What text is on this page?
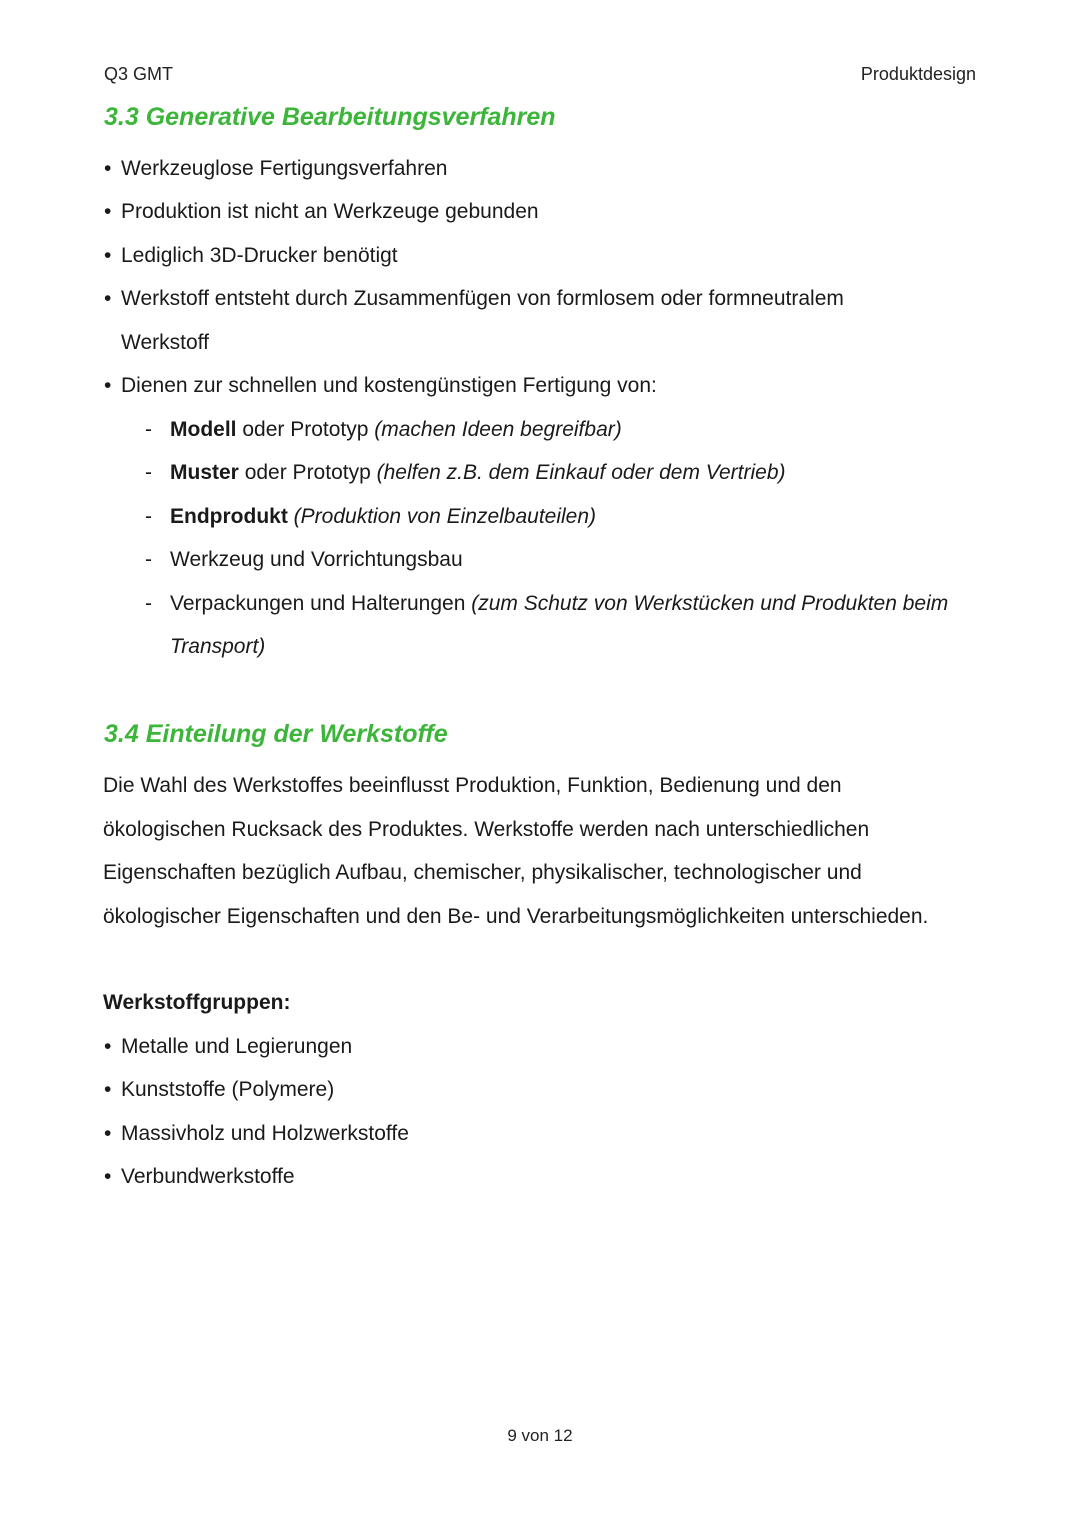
Q3 GMT	Produktdesign
3.3 Generative Bearbeitungsverfahren
• Werkzeuglose Fertigungsverfahren
• Produktion ist nicht an Werkzeuge gebunden
• Lediglich 3D-Drucker benötigt
• Werkstoff entsteht durch Zusammenfügen von formlosem oder formneutralem
Werkstoff
• Dienen zur schnellen und kostengünstigen Fertigung von:
- Modell oder Prototyp (machen Ideen begreifbar)
- Muster oder Prototyp (helfen z.B. dem Einkauf oder dem Vertrieb)
- Endprodukt (Produktion von Einzelbauteilen)
- Werkzeug und Vorrichtungsbau
- Verpackungen und Halterungen (zum Schutz von Werkstücken und Produkten beim
Transport)
3.4 Einteilung der Werkstoffe
Die Wahl des Werkstoffes beeinflusst Produktion, Funktion, Bedienung und den
ökologischen Rucksack des Produktes. Werkstoffe werden nach unterschiedlichen
Eigenschaften bezüglich Aufbau, chemischer, physikalischer, technologischer und
ökologischer Eigenschaften und den Be- und Verarbeitungsmöglichkeiten unterschieden.
Werkstoffgruppen:
• Metalle und Legierungen
• Kunststoffe (Polymere)
• Massivholz und Holzwerkstoffe
• Verbundwerkstoffe
9 von 12
